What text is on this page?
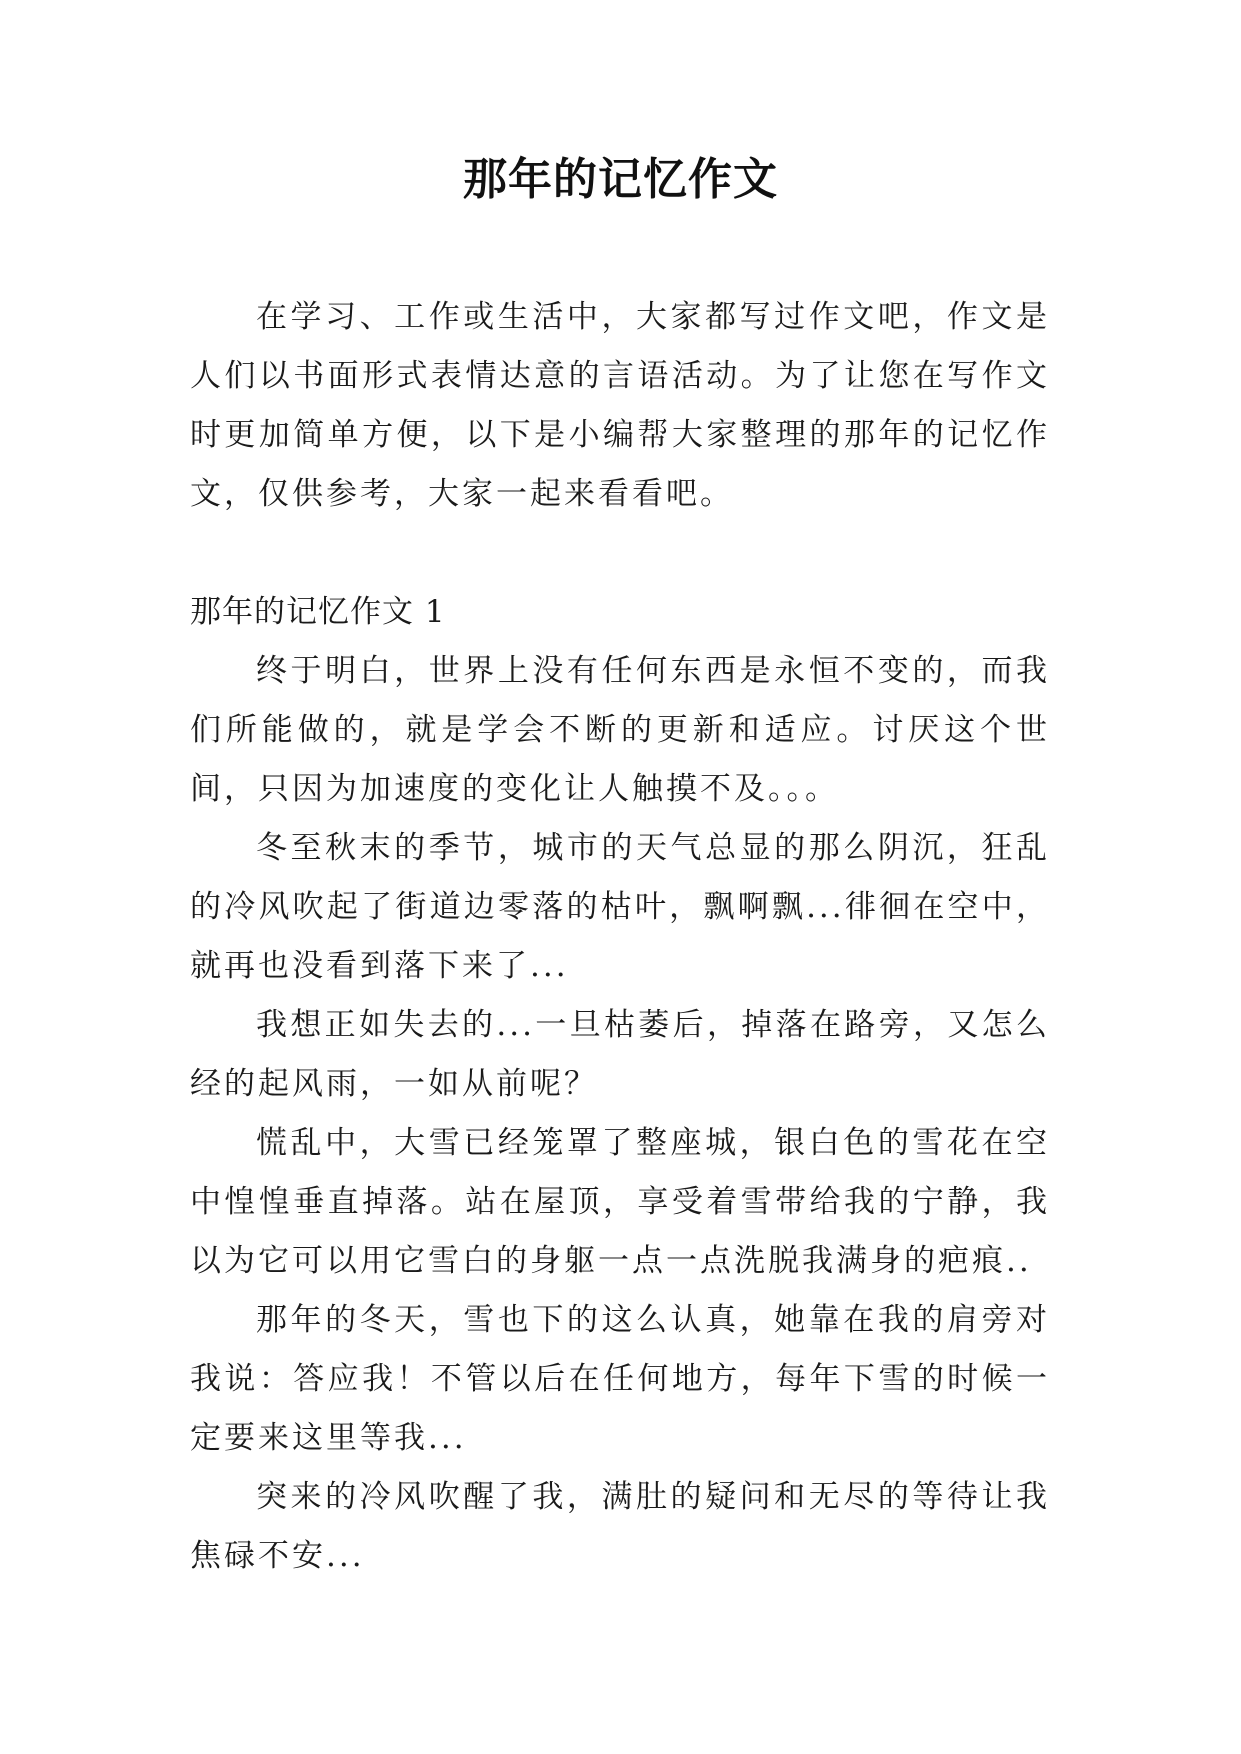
那年的记忆作文

在学习、工作或生活中，大家都写过作文吧，作文是人们以书面形式表情达意的言语活动。为了让您在写作文时更加简单方便，以下是小编帮大家整理的那年的记忆作文，仅供参考，大家一起来看看吧。

那年的记忆作文 1

终于明白，世界上没有任何东西是永恒不变的，而我们所能做的，就是学会不断的更新和适应。讨厌这个世间，只因为加速度的变化让人触摸不及。。。

冬至秋末的季节，城市的天气总显的那么阴沉，狂乱的冷风吹起了街道边零落的枯叶，飘啊飘...徘徊在空中，就再也没看到落下来了...

我想正如失去的...一旦枯萎后，掉落在路旁，又怎么经的起风雨，一如从前呢？

慌乱中，大雪已经笼罩了整座城，银白色的雪花在空中惶惶垂直掉落。站在屋顶，享受着雪带给我的宁静，我以为它可以用它雪白的身躯一点一点洗脱我满身的疤痕..

那年的冬天，雪也下的这么认真，她靠在我的肩旁对我说：答应我！不管以后在任何地方，每年下雪的时候一定要来这里等我...

突来的冷风吹醒了我，满肚的疑问和无尽的等待让我焦碌不安...
